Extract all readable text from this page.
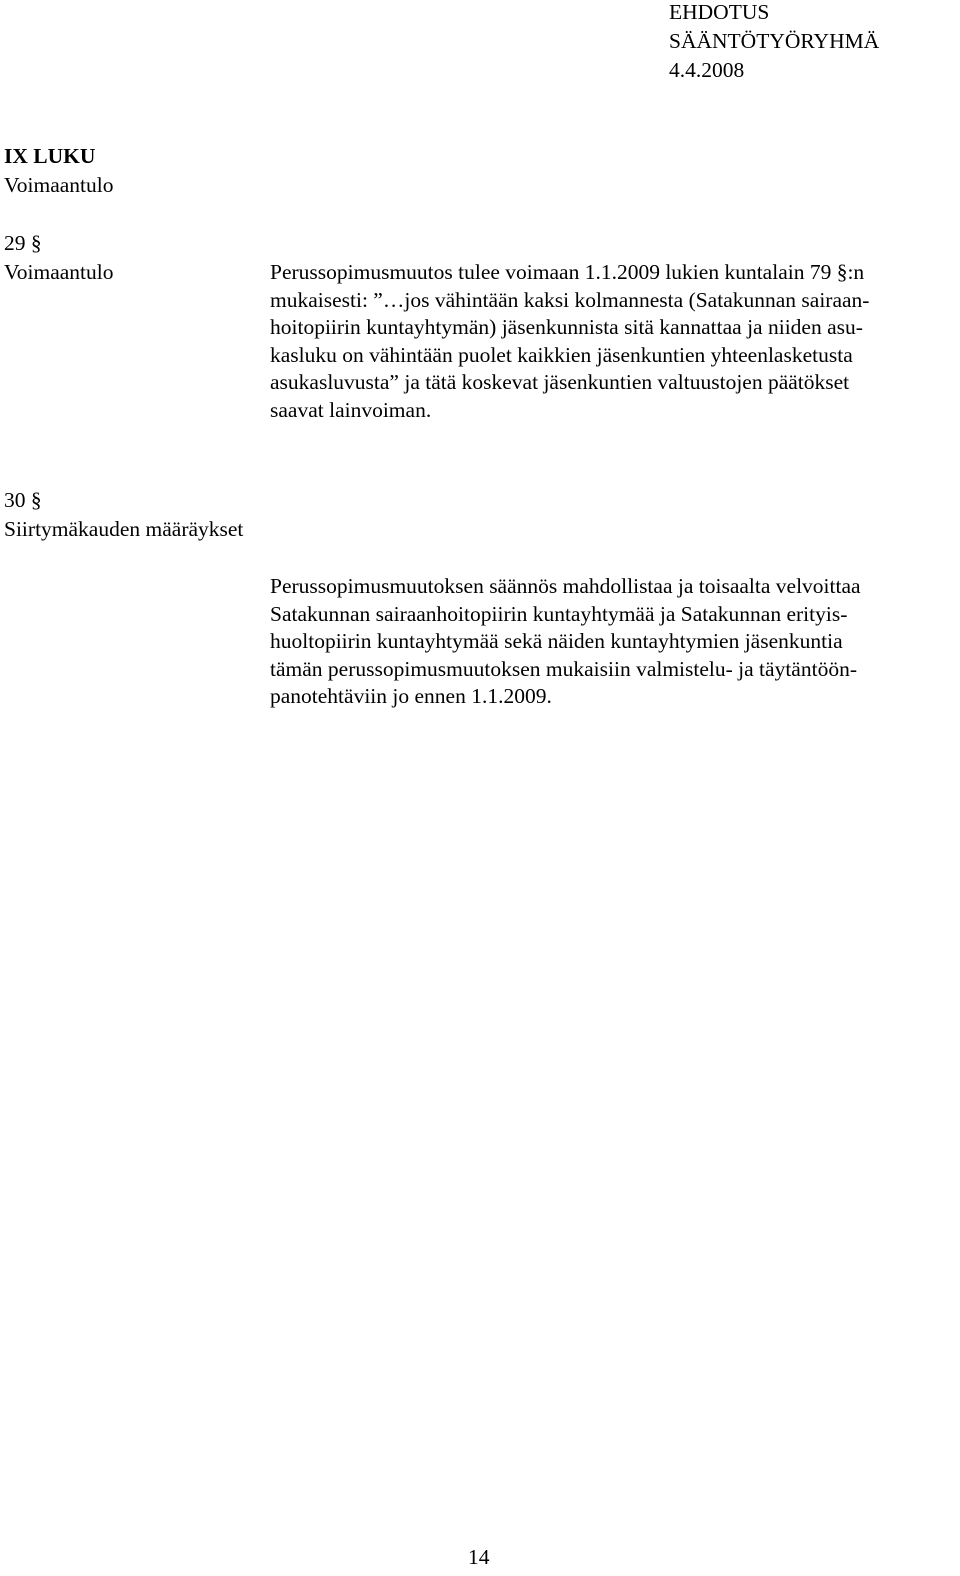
EHDOTUS
SÄÄNTÖTYÖRYHMÄ
4.4.2008
IX LUKU
Voimaantulo
29 §
Voimaantulo	Perussopimusmuutos tulee voimaan 1.1.2009 lukien kuntalain 79 §:n
mukaisesti: ”…jos vähintään kaksi kolmannesta (Satakunnan sairaan-
hoitopiirin kuntayhtymän) jäsenkunnista sitä kannattaa ja niiden asu-
kasluku on vähintään puolet kaikkien jäsenkuntien yhteenlasketusta
asukasluvusta” ja tätä koskevat jäsenkuntien valtuustojen päätökset
saavat lainvoiman.
30 §
Siirtymäkauden määräykset
Perussopimusmuutoksen säännös mahdollistaa ja toisaalta velvoittaa
Satakunnan sairaanhoitopiirin kuntayhtymää ja Satakunnan erityis-
huoltopiirin kuntayhtymää sekä näiden kuntayhtymien jäsenkuntia
tämän perussopimusmuutoksen mukaisiin valmistelu- ja täytäntöön-
panotehtäviin jo ennen 1.1.2009.
14
